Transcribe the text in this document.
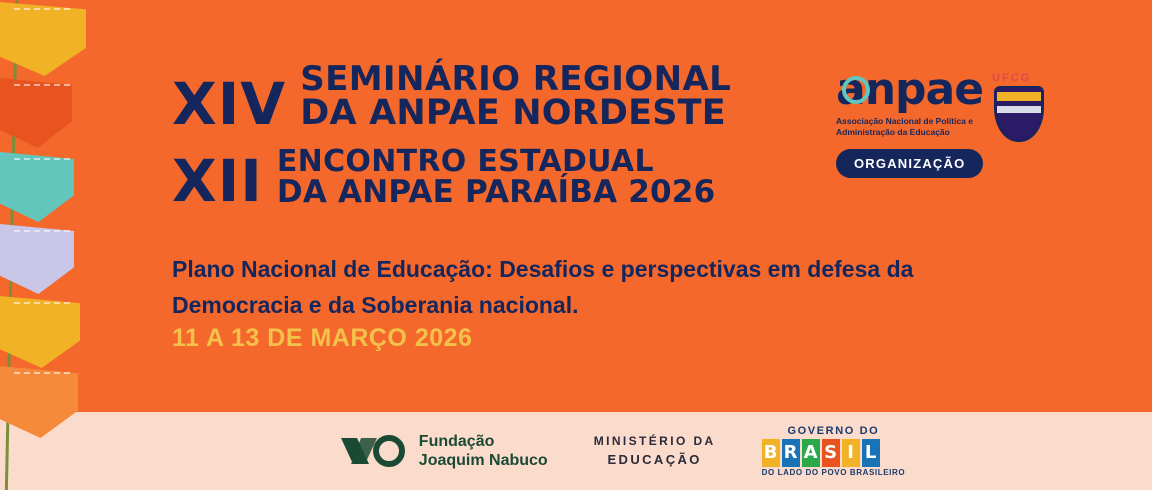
XIV SEMINÁRIO REGIONAL
DA ANPAE NORDESTE
XII ENCONTRO ESTADUAL
DA ANPAE PARAÍBA 2026
Plano Nacional de Educação: Desafios e perspectivas em defesa da Democracia e da Soberania nacional.
11 A 13 DE MARÇO 2026
anpae
Associação Nacional de Política e Administração da Educação
ORGANIZAÇÃO
UFCG
Fundação
Joaquim Nabuco
MINISTÉRIO DA
EDUCAÇÃO
GOVERNO DO
B R A S I L
DO LADO DO POVO BRASILEIRO
